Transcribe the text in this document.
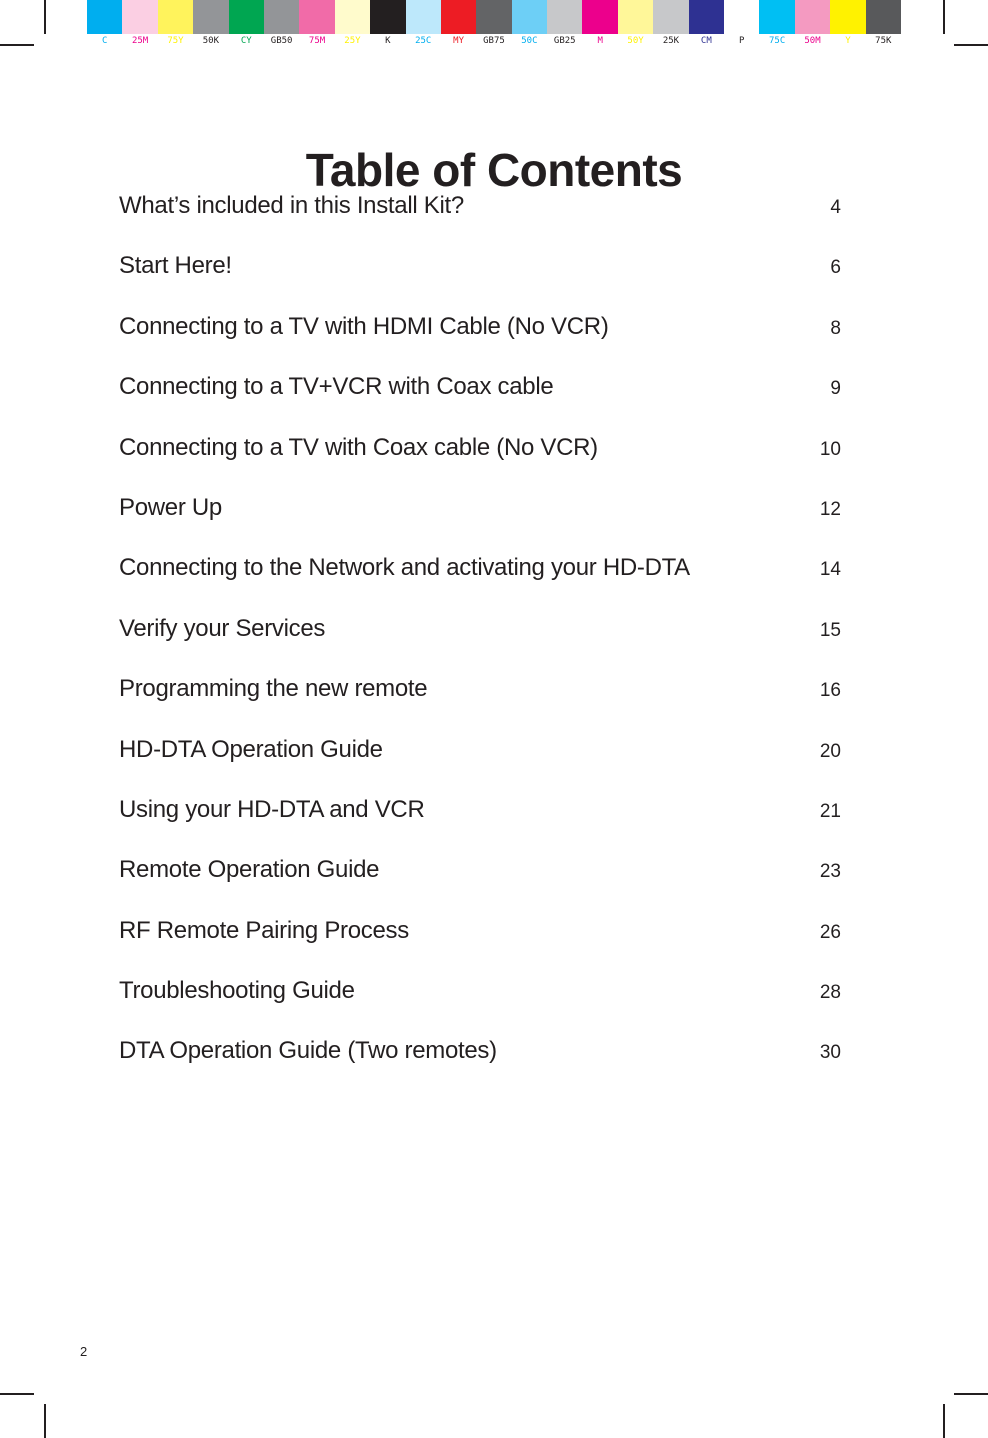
C	25M	75Y	50K	CY	GB50	75M	25Y	K	25C	MY	GB75	50C	GB25	M	50Y	25K	CM	P	75C	50M	Y	75K
Table of Contents
What’s included in this Install Kit?	4
Start Here!	6
Connecting to a TV with HDMI Cable (No VCR)	8
Connecting to a TV+VCR with Coax cable	9
Connecting to a TV with Coax cable (No VCR)	10
Power Up	12
Connecting to the Network and activating your HD-DTA	14
Verify your Services	15
Programming the new remote	16
HD-DTA Operation Guide	20
Using your HD-DTA and VCR	21
Remote Operation Guide	23
RF Remote Pairing Process	26
Troubleshooting Guide	28
DTA Operation Guide (Two remotes)	30
2
